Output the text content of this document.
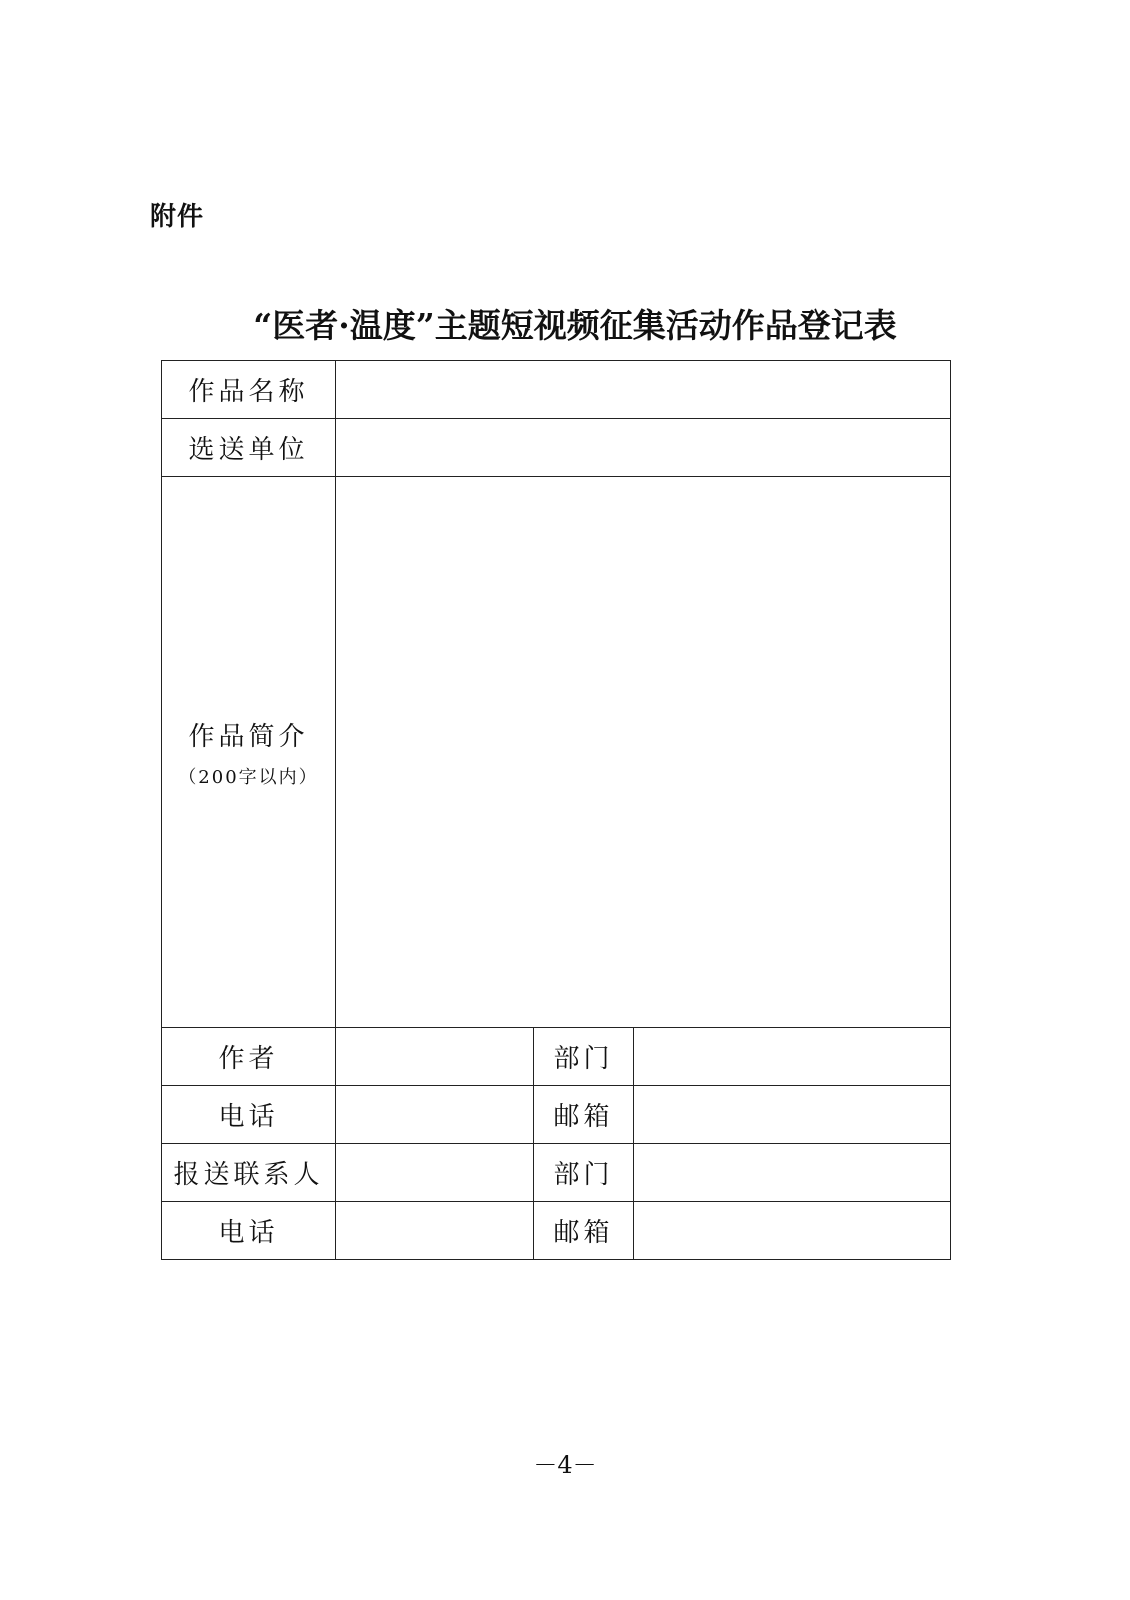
附件
“医者·温度”主题短视频征集活动作品登记表
作品名称			
选送单位			
作品简介
（200字以内）			

作者		部门	
电话		邮箱	
报送联系人		部门	
电话		邮箱	
－4－
